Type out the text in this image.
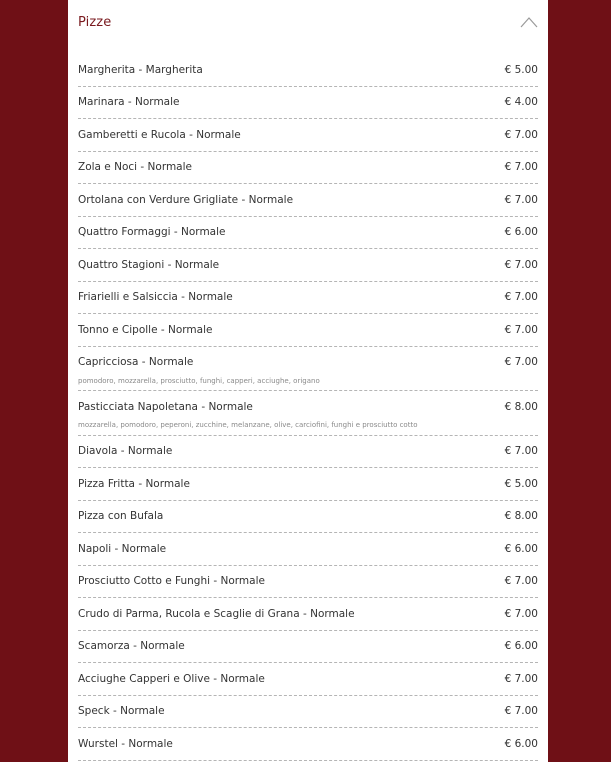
Pizze
Margherita - Margherita	€ 5.00
Marinara - Normale	€ 4.00
Gamberetti e Rucola - Normale	€ 7.00
Zola e Noci - Normale	€ 7.00
Ortolana con Verdure Grigliate - Normale	€ 7.00
Quattro Formaggi - Normale	€ 6.00
Quattro Stagioni - Normale	€ 7.00
Friarielli e Salsiccia - Normale	€ 7.00
Tonno e Cipolle - Normale	€ 7.00
Capricciosa - Normale	€ 7.00
pomodoro, mozzarella, prosciutto, funghi, capperi, acciughe, origano
Pasticciata Napoletana - Normale	€ 8.00
mozzarella, pomodoro, peperoni, zucchine, melanzane, olive, carciofini, funghi e prosciutto cotto
Diavola - Normale	€ 7.00
Pizza Fritta - Normale	€ 5.00
Pizza con Bufala	€ 8.00
Napoli - Normale	€ 6.00
Prosciutto Cotto e Funghi - Normale	€ 7.00
Crudo di Parma, Rucola e Scaglie di Grana - Normale	€ 7.00
Scamorza - Normale	€ 6.00
Acciughe Capperi e Olive - Normale	€ 7.00
Speck - Normale	€ 7.00
Wurstel - Normale	€ 6.00
